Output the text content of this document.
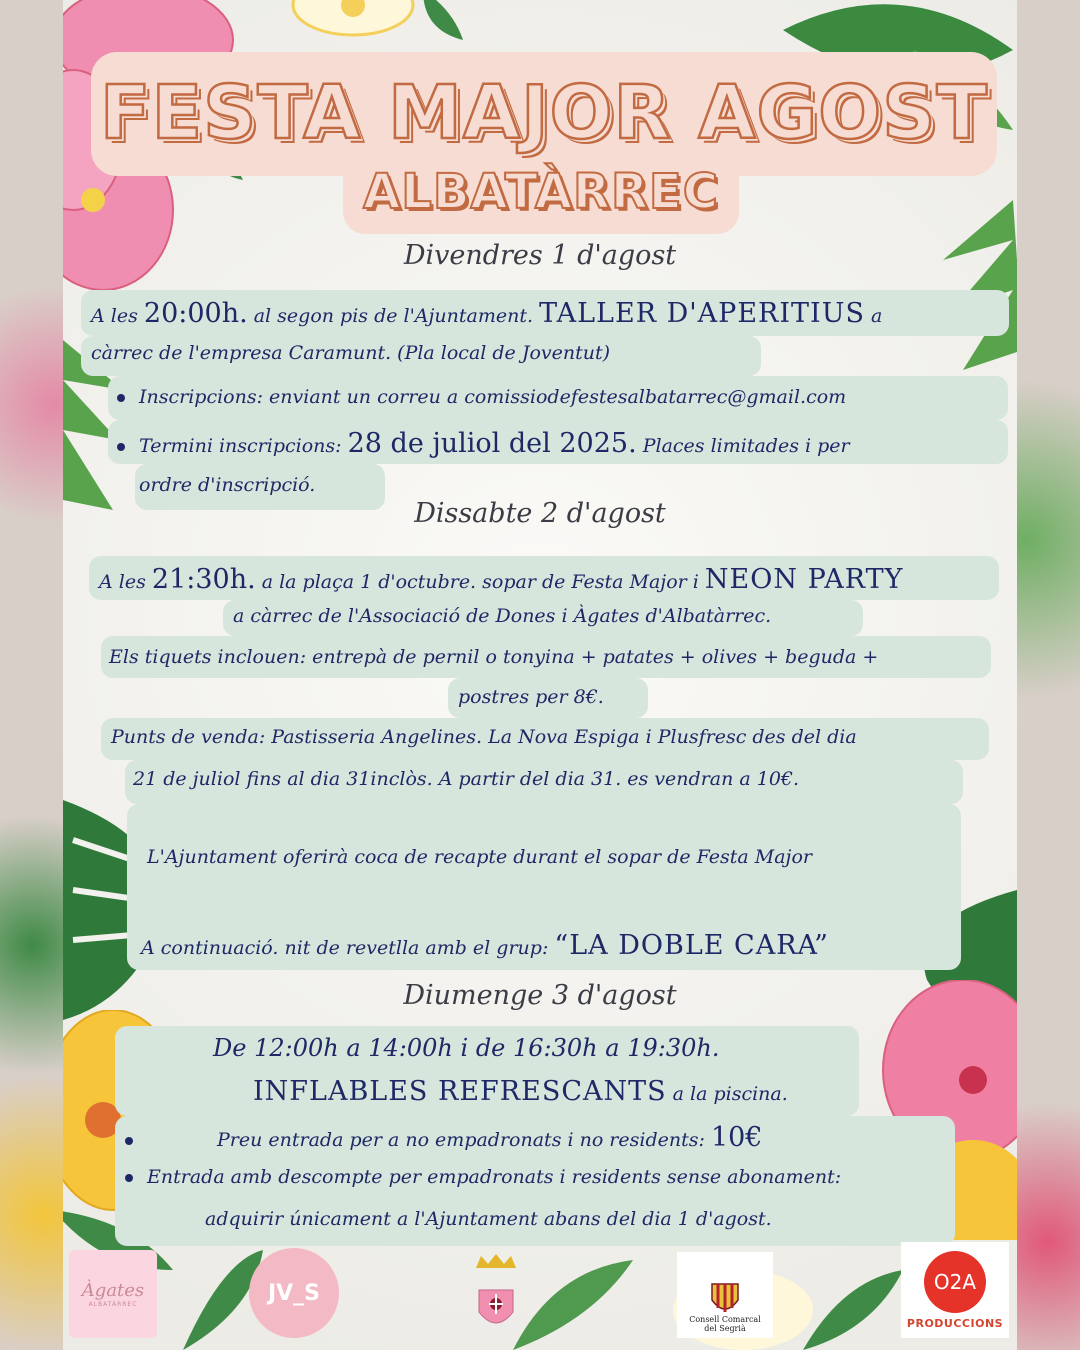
FESTA MAJOR AGOST
ALBATÀRREC
Divendres 1 d'agost
A les 20:00h. al segon pis de l'Ajuntament. TALLER D'APERITIUS a
càrrec de l'empresa Caramunt. (Pla local de Joventut)
Inscripcions: enviant un correu a comissiodefestesalbatarrec@gmail.com
Termini inscripcions: 28 de juliol del 2025. Places limitades i per
ordre d'inscripció.
Dissabte 2 d'agost
A les 21:30h. a la plaça 1 d'octubre. sopar de Festa Major i NEON PARTY
a càrrec de l'Associació de Dones i Àgates d'Albatàrrec.
Els tiquets inclouen: entrepà de pernil o tonyina + patates + olives + beguda +
postres per 8€.
Punts de venda: Pastisseria Angelines. La Nova Espiga i Plusfresc des del dia
21 de juliol fins al dia 31inclòs. A partir del dia 31. es vendran a 10€.
L'Ajuntament oferirà coca de recapte durant el sopar de Festa Major
A continuació. nit de revetlla amb el grup: “LA DOBLE CARA”
Diumenge 3 d'agost
De 12:00h a 14:00h i de 16:30h a 19:30h.
INFLABLES REFRESCANTS a la piscina.
Preu entrada per a no empadronats i no residents: 10€
Entrada amb descompte per empadronats i residents sense abonament:
adquirir únicament a l'Ajuntament abans del dia 1 d'agost.
Àgates
ALBATÀRREC	JV_S
Consell Comarcal
del Segrià
O2A
PRODUCCIONS
